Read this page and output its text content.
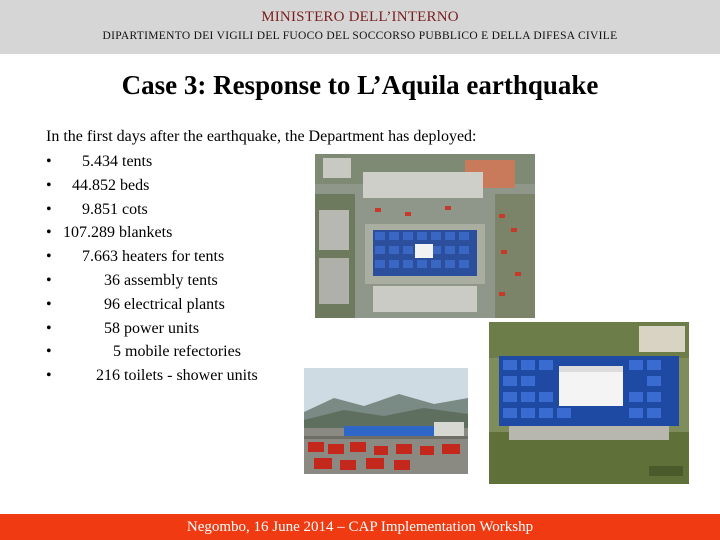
MINISTERO DELL’INTERNO
DIPARTIMENTO DEI VIGILI DEL FUOCO DEL SOCCORSO PUBBLICO E DELLA DIFESA CIVILE
Case 3: Response to L’Aquila earthquake
In the first days after the earthquake, the Department has deployed:
• 5.434 tents
• 44.852 beds
• 9.851 cots
• 107.289 blankets
• 7.663 heaters for tents
•	36 assembly tents
•	96 electrical plants
•	58 power units
•	5 mobile refectories
•	216 toilets - shower units
Negombo, 16 June 2014 – CAP Implementation Workshp
